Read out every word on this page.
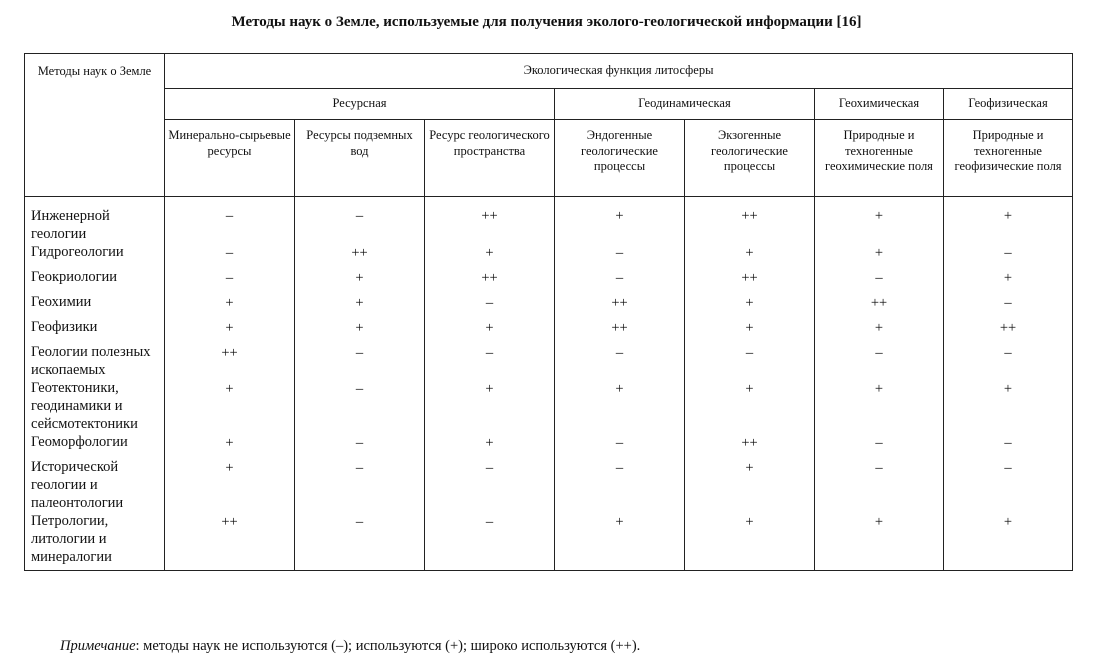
Методы наук о Земле, используемые для получения эколого-геологической информации [16]
Методы наук о Земле	Экологическая функция литосферы						
	Ресурсная			Геодинамическая		Геохимическая	Геофизическая
	Минерально-сырьевые ресурсы	Ресурсы подземных вод	Ресурс геологического пространства	Эндогенные геологические процессы	Экзогенные геологические процессы	Природные и техногенные геохимические поля	Природные и техногенные геофизические поля
Инженерной геологии	–	–	++	+	++	+	+
Гидрогеологии	–	++	+	–	+	+	–
Геокриологии	–	+	++	–	++	–	+
Геохимии	+	+	–	++	+	++	–
Геофизики	+	+	+	++	+	+	++
Геологии полезных ископаемых	++	–	–	–	–	–	–
Геотектоники, геодинамики и сейсмотектоники	+	–	+	+	+	+	+
Геоморфологии	+	–	+	–	++	–	–
Исторической геологии и палеонтологии	+	–	–	–	+	–	–
Петрологии, литологии и минералогии	++	–	–	+	+	+	+
Примечание: методы наук не используются (–); используются (+); широко используются (++).
